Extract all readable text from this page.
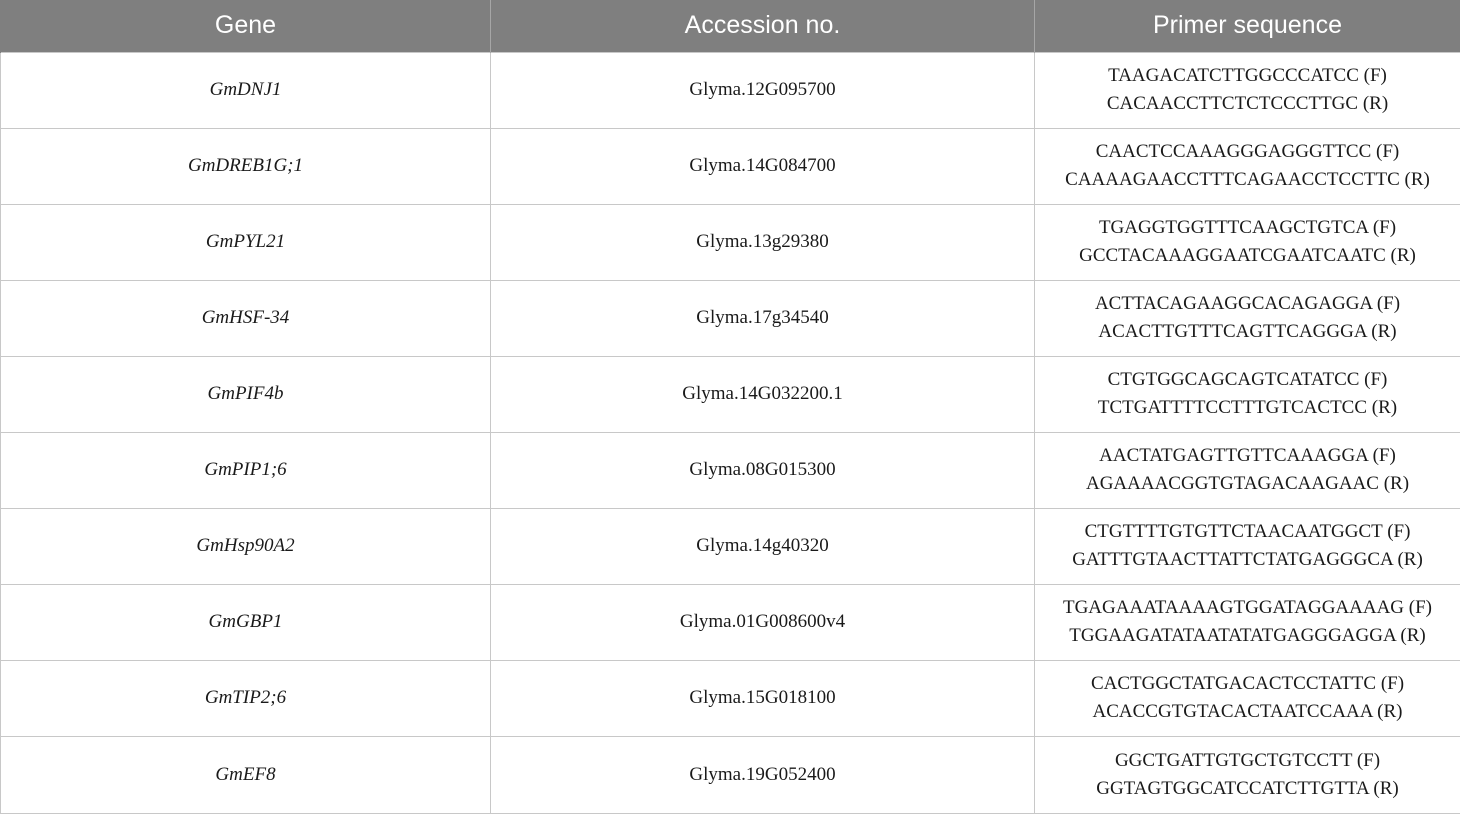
Gene	Accession no.	Primer sequence
GmDNJ1	Glyma.12G095700	TAAGACATCTTGGCCCATCC (F)
CACAACCTTCTCTCCCTTGC (R)

GmDREB1G;1	Glyma.14G084700	CAACTCCAAAGGGAGGGTTCC (F)
CAAAAGAACCTTTCAGAACCTCCTTC (R)

GmPYL21	Glyma.13g29380	TGAGGTGGTTTCAAGCTGTCA (F)
GCCTACAAAGGAATCGAATCAATC (R)

GmHSF-34	Glyma.17g34540	ACTTACAGAAGGCACAGAGGA (F)
ACACTTGTTTCAGTTCAGGGA (R)

GmPIF4b	Glyma.14G032200.1	CTGTGGCAGCAGTCATATCC (F)
TCTGATTTTCCTTTGTCACTCC (R)

GmPIP1;6	Glyma.08G015300	AACTATGAGTTGTTCAAAGGA (F)
AGAAAACGGTGTAGACAAGAAC (R)

GmHsp90A2	Glyma.14g40320	CTGTTTTGTGTTCTAACAATGGCT (F)
GATTTGTAACTTATTCTATGAGGGCA (R)

GmGBP1	Glyma.01G008600v4	TGAGAAATAAAAGTGGATAGGAAAAG (F)
TGGAAGATATAATATATGAGGGAGGA (R)

GmTIP2;6	Glyma.15G018100	CACTGGCTATGACACTCCTATTC (F)
ACACCGTGTACACTAATCCAAA (R)

GmEF8	Glyma.19G052400	GGCTGATTGTGCTGTCCTT (F)
GGTAGTGGCATCCATCTTGTTA (R)
